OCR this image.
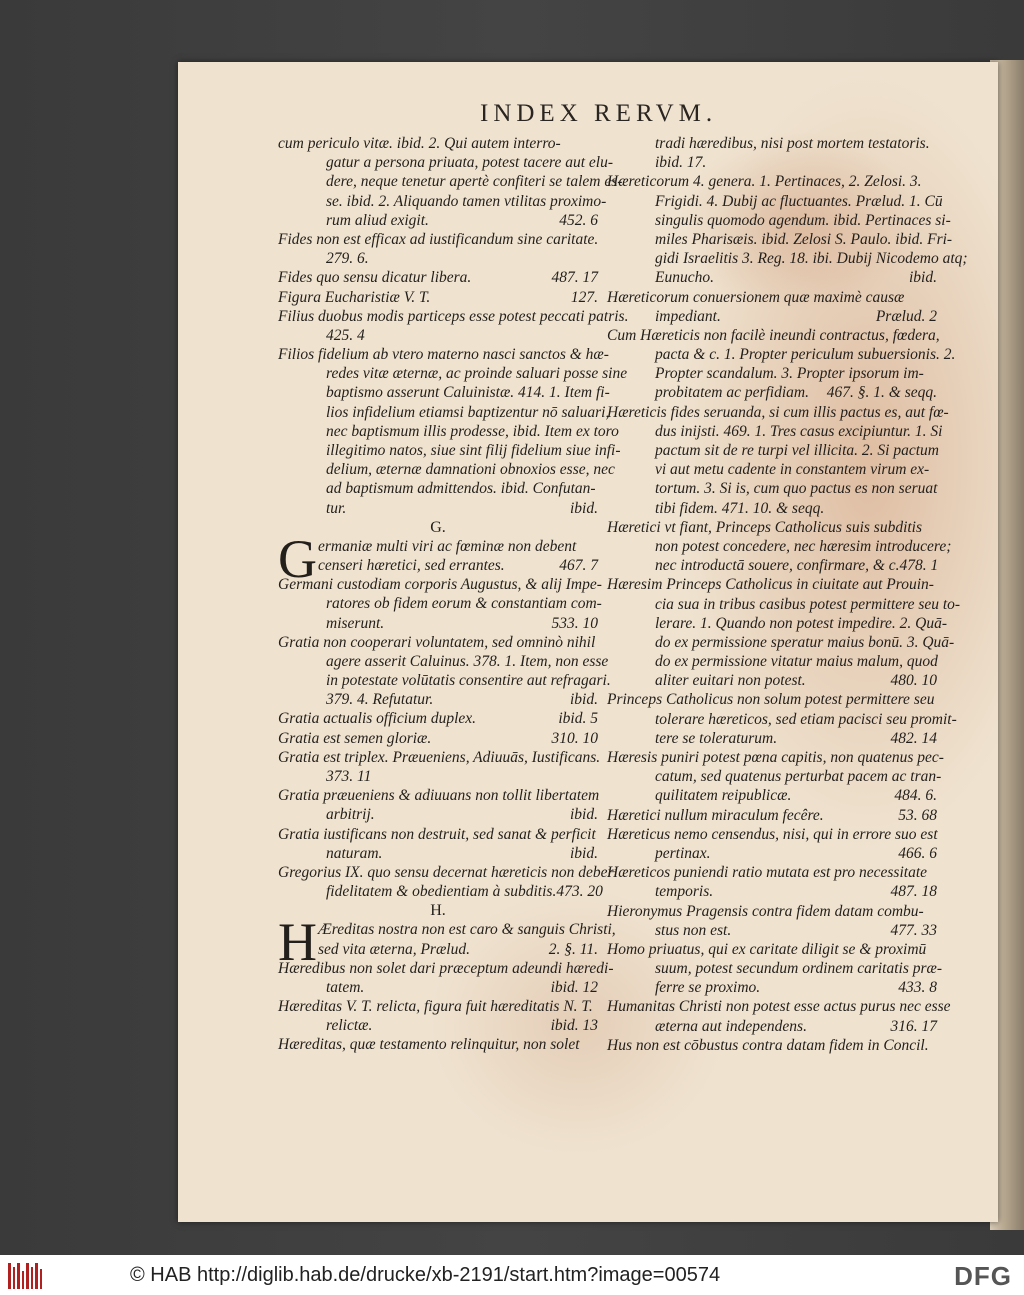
INDEX RERVM.
cum periculo vitæ. ibid. 2. Qui autem interro-
gatur a persona priuata, potest tacere aut elu-
dere, neque tenetur apertè confiteri se talem es-
se. ibid. 2. Aliquando tamen vtilitas proximo-
rum aliud exigit.	452. 6
Fides non est efficax ad iustificandum sine caritate.
279. 6.
Fides quo sensu dicatur libera.	487. 17
Figura Eucharistiæ V. T.	127.
Filius duobus modis particeps esse potest peccati patris.
425. 4
Filios fidelium ab vtero materno nasci sanctos & hæ-
redes vitæ æternæ, ac proinde saluari posse sine
baptismo asserunt Caluinistæ. 414. 1. Item fi-
lios infidelium etiamsi baptizentur nō saluari,
nec baptismum illis prodesse, ibid. Item ex toro
illegitimo natos, siue sint filij fidelium siue infi-
delium, æternæ damnationi obnoxios esse, nec
ad baptismum admittendos. ibid. Confutan-
tur.	ibid.
G.
G ermaniæ multi viri ac fœminæ non debent
censeri hæretici, sed errantes.	467. 7
Germani custodiam corporis Augustus, & alij Impe-
ratores ob fidem eorum & constantiam com-
miserunt.	533. 10
Gratia non cooperari voluntatem, sed omninò nihil
agere asserit Caluinus. 378. 1. Item, non esse
in potestate volūtatis consentire aut refragari.
379. 4. Refutatur.	ibid.
Gratia actualis officium duplex.	ibid. 5
Gratia est semen gloriæ.	310. 10
Gratia est triplex. Præueniens, Adiuuās, Iustificans.
373. 11
Gratia præueniens & adiuuans non tollit libertatem
arbitrij.	ibid.
Gratia iustificans non destruit, sed sanat & perficit
naturam.	ibid.
Gregorius IX. quo sensu decernat hæreticis non deberi
fidelitatem & obedientiam à subditis. 473. 20
H.
H Æreditas nostra non est caro & sanguis Christi,
sed vita æterna, Prælud.	2. §. 11.
Hæredibus non solet dari præceptum adeundi hæredi-
tatem.	ibid. 12
Hæreditas V. T. relicta, figura fuit hæreditatis N. T.
relictæ.	ibid. 13
Hæreditas, quæ testamento relinquitur, non solet
tradi hæredibus, nisi post mortem testatoris.
ibid. 17.
Hæreticorum 4. genera. 1. Pertinaces, 2. Zelosi. 3.
Frigidi. 4. Dubij ac fluctuantes. Prælud. 1. Cū
singulis quomodo agendum. ibid. Pertinaces si-
miles Pharisæis. ibid. Zelosi S. Paulo. ibid. Fri-
gidi Israelitis 3. Reg. 18. ibi. Dubij Nicodemo atq;
Eunucho.	ibid.
Hæreticorum conuersionem quæ maximè causæ
impediant.	Prælud. 2
Cum Hæreticis non facilè ineundi contractus, fœdera,
pacta & c. 1. Propter periculum subuersionis. 2.
Propter scandalum. 3. Propter ipsorum im-
probitatem ac perfidiam. 467. §. 1. & seqq.
Hæreticis fides seruanda, si cum illis pactus es, aut fœ-
dus inijsti. 469. 1. Tres casus excipiuntur. 1. Si
pactum sit de re turpi vel illicita. 2. Si pactum
vi aut metu cadente in constantem virum ex-
tortum. 3. Si is, cum quo pactus es non seruat
tibi fidem. 471. 10. & seqq.
Hæretici vt fiant, Princeps Catholicus suis subditis
non potest concedere, nec hæresim introducere;
nec introductā souere, confirmare, & c. 478. 1
Hæresim Princeps Catholicus in ciuitate aut Prouin-
cia sua in tribus casibus potest permittere seu to-
lerare. 1. Quando non potest impedire. 2. Quā-
do ex permissione speratur maius bonū. 3. Quā-
do ex permissione vitatur maius malum, quod
aliter euitari non potest.	480. 10
Princeps Catholicus non solum potest permittere seu
tolerare hæreticos, sed etiam pacisci seu promit-
tere se toleraturum.	482. 14
Hæresis puniri potest pœna capitis, non quatenus pec-
catum, sed quatenus perturbat pacem ac tran-
quilitatem reipublicæ.	484. 6.
Hæretici nullum miraculum fecêre.	53. 68
Hæreticus nemo censendus, nisi, qui in errore suo est
pertinax.	466. 6
Hæreticos puniendi ratio mutata est pro necessitate
temporis.	487. 18
Hieronymus Pragensis contra fidem datam combu-
stus non est.	477. 33
Homo priuatus, qui ex caritate diligit se & proximū
suum, potest secundum ordinem caritatis præ-
ferre se proximo.	433. 8
Humanitas Christi non potest esse actus purus nec esse
æterna aut independens.	316. 17
Hus non est cōbustus contra datam fidem in Concil.
© HAB http://diglib.hab.de/drucke/xb-2191/start.htm?image=00574	DFG
